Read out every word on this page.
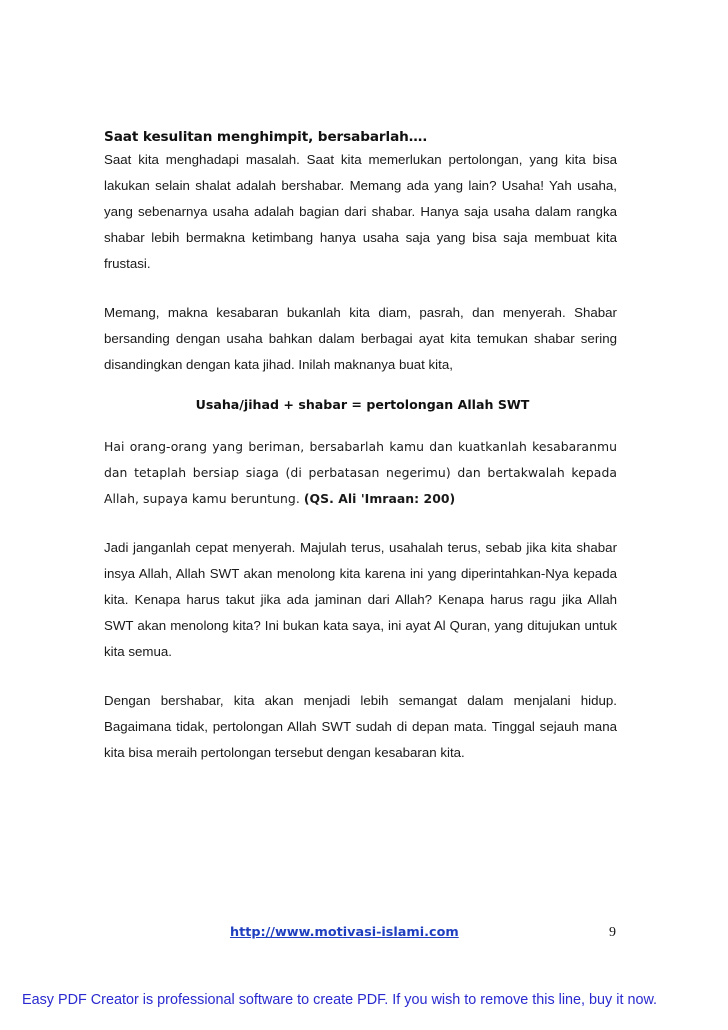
Saat kesulitan menghimpit, bersabarlah….

Saat kita menghadapi masalah. Saat kita memerlukan pertolongan, yang kita bisa lakukan selain shalat adalah bershabar. Memang ada yang lain? Usaha! Yah usaha, yang sebenarnya usaha adalah bagian dari shabar. Hanya saja usaha dalam rangka shabar lebih bermakna ketimbang hanya usaha saja yang bisa saja membuat kita frustasi.

Memang, makna kesabaran bukanlah kita diam, pasrah, dan menyerah. Shabar bersanding dengan usaha bahkan dalam berbagai ayat kita temukan shabar sering disandingkan dengan kata jihad. Inilah maknanya buat kita,

Usaha/jihad + shabar = pertolongan Allah SWT

Hai orang-orang yang beriman, bersabarlah kamu dan kuatkanlah kesabaranmu dan tetaplah bersiap siaga (di perbatasan negerimu) dan bertakwalah kepada Allah, supaya kamu beruntung. (QS. Ali 'Imraan: 200)

Jadi janganlah cepat menyerah. Majulah terus, usahalah terus, sebab jika kita shabar insya Allah, Allah SWT akan menolong kita karena ini yang diperintahkan-Nya kepada kita. Kenapa harus takut jika ada jaminan dari Allah? Kenapa harus ragu jika Allah SWT akan menolong kita? Ini bukan kata saya, ini ayat Al Quran, yang ditujukan untuk kita semua.

Dengan bershabar, kita akan menjadi lebih semangat dalam menjalani hidup. Bagaimana tidak, pertolongan Allah SWT sudah di depan mata. Tinggal sejauh mana kita bisa meraih pertolongan tersebut dengan kesabaran kita.

http://www.motivasi-islami.com	9
Easy PDF Creator is professional software to create PDF. If you wish to remove this line, buy it now.
